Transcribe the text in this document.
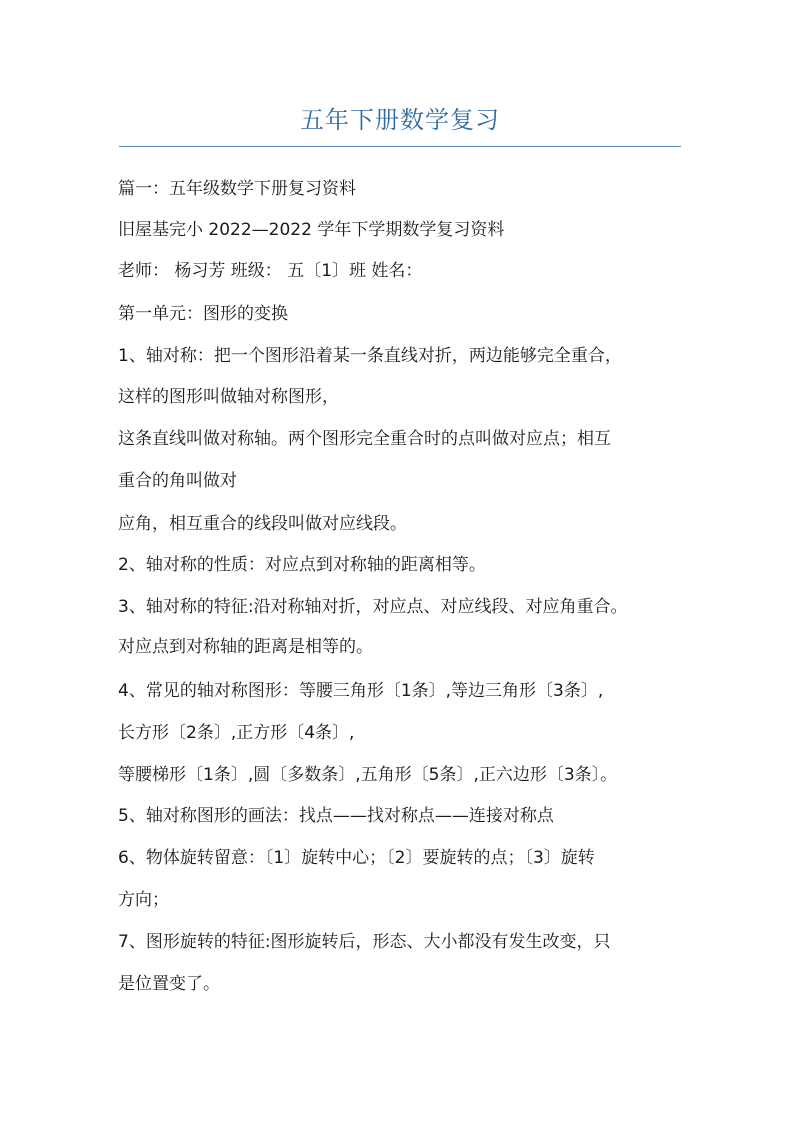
五年下册数学复习
篇一：五年级数学下册复习资料
旧屋基完小 2022—2022 学年下学期数学复习资料
老师： 杨习芳 班级： 五〔1〕班 姓名：
第一单元：图形的变换
1、轴对称：把一个图形沿着某一条直线对折，两边能够完全重合，
这样的图形叫做轴对称图形，
这条直线叫做对称轴。两个图形完全重合时的点叫做对应点；相互
重合的角叫做对
应角，相互重合的线段叫做对应线段。
2、轴对称的性质：对应点到对称轴的距离相等。
3、轴对称的特征:沿对称轴对折，对应点、对应线段、对应角重合。
对应点到对称轴的距离是相等的。
4、常见的轴对称图形：等腰三角形〔1条〕,等边三角形〔3条〕,
长方形〔2条〕,正方形〔4条〕,
等腰梯形〔1条〕,圆〔多数条〕,五角形〔5条〕,正六边形〔3条〕。
5、轴对称图形的画法：找点——找对称点——连接对称点
6、物体旋转留意：〔1〕旋转中心；〔2〕要旋转的点；〔3〕旋转
方向；
7、图形旋转的特征:图形旋转后，形态、大小都没有发生改变，只
是位置变了。
